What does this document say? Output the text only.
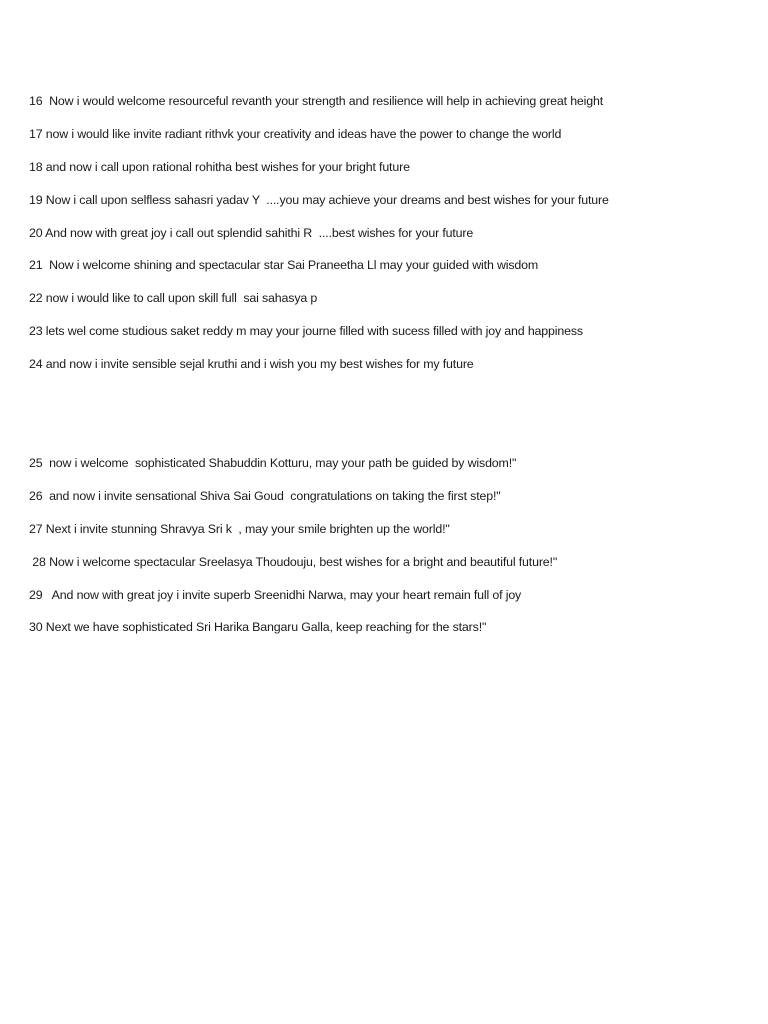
16  Now i would welcome resourceful revanth your strength and resilience will help in achieving great height

17 now i would like invite radiant rithvk your creativity and ideas have the power to change the world

18 and now i call upon rational rohitha best wishes for your bright future

19 Now i call upon selfless sahasri yadav Y  ....you may achieve your dreams and best wishes for your future

20 And now with great joy i call out splendid sahithi R  ....best wishes for your future

21  Now i welcome shining and spectacular star Sai Praneetha Ll may your guided with wisdom

22 now i would like to call upon skill full  sai sahasya p

23 lets wel come studious saket reddy m may your journe filled with sucess filled with joy and happiness

24 and now i invite sensible sejal kruthi and i wish you my best wishes for my future

25  now i welcome  sophisticated Shabuddin Kotturu, may your path be guided by wisdom!"

26  and now i invite sensational Shiva Sai Goud  congratulations on taking the first step!"

27 Next i invite stunning Shravya Sri k  , may your smile brighten up the world!"

28 Now i welcome spectacular Sreelasya Thoudouju, best wishes for a bright and beautiful future!"

29   And now with great joy i invite superb Sreenidhi Narwa, may your heart remain full of joy

30 Next we have sophisticated Sri Harika Bangaru Galla, keep reaching for the stars!"
